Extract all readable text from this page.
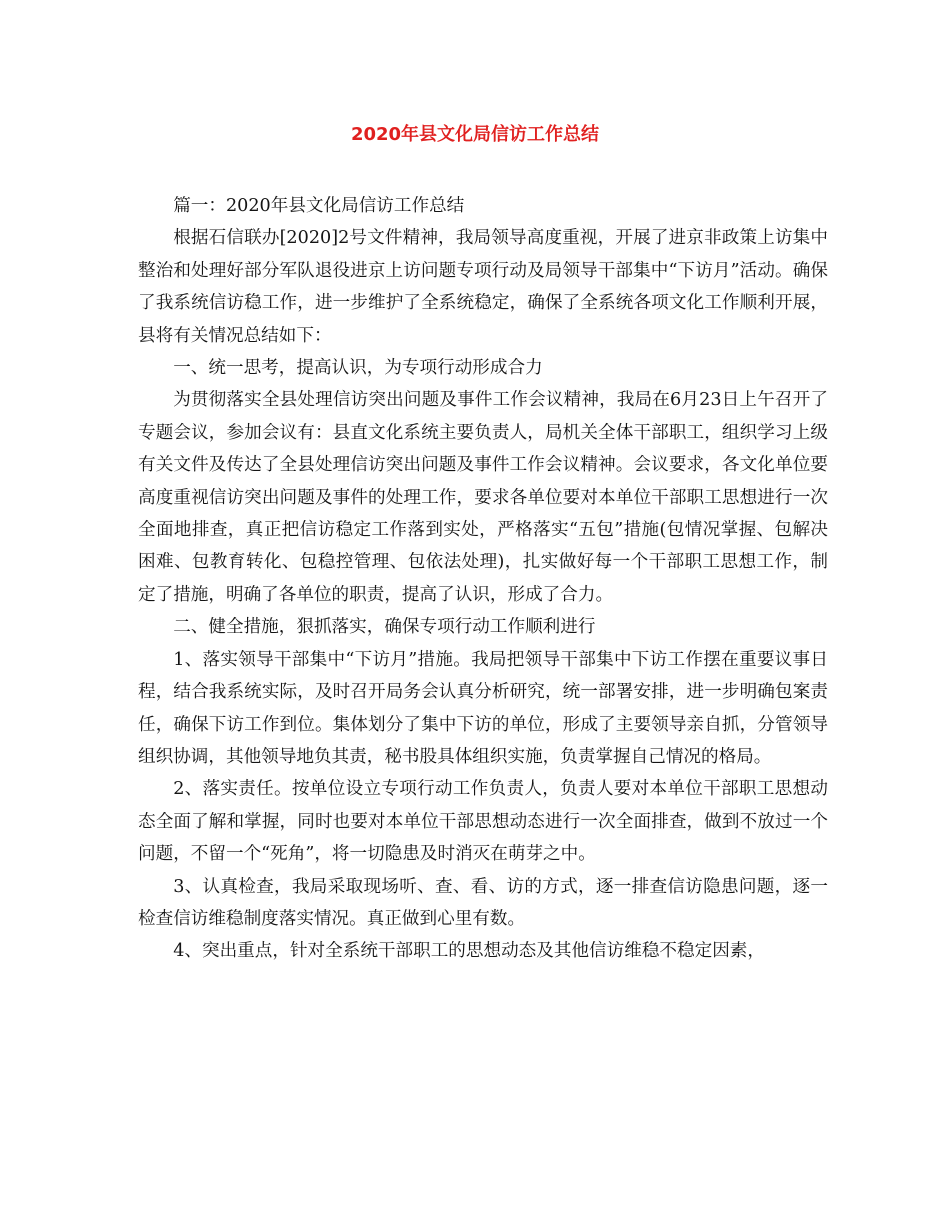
2020年县文化局信访工作总结

篇一：2020年县文化局信访工作总结

根据石信联办[2020]2号文件精神，我局领导高度重视，开展了进京非政策上访集中整治和处理好部分军队退役进京上访问题专项行动及局领导干部集中“下访月”活动。确保了我系统信访稳工作，进一步维护了全系统稳定，确保了全系统各项文化工作顺利开展，县将有关情况总结如下：

一、统一思考，提高认识，为专项行动形成合力

为贯彻落实全县处理信访突出问题及事件工作会议精神，我局在6月23日上午召开了专题会议，参加会议有：县直文化系统主要负责人，局机关全体干部职工，组织学习上级有关文件及传达了全县处理信访突出问题及事件工作会议精神。会议要求，各文化单位要高度重视信访突出问题及事件的处理工作，要求各单位要对本单位干部职工思想进行一次全面地排查，真正把信访稳定工作落到实处，严格落实“五包”措施(包情况掌握、包解决困难、包教育转化、包稳控管理、包依法处理)，扎实做好每一个干部职工思想工作，制定了措施，明确了各单位的职责，提高了认识，形成了合力。

二、健全措施，狠抓落实，确保专项行动工作顺利进行

1、落实领导干部集中“下访月”措施。我局把领导干部集中下访工作摆在重要议事日程，结合我系统实际，及时召开局务会认真分析研究，统一部署安排，进一步明确包案责任，确保下访工作到位。集体划分了集中下访的单位，形成了主要领导亲自抓，分管领导组织协调，其他领导地负其责，秘书股具体组织实施，负责掌握自己情况的格局。

2、落实责任。按单位设立专项行动工作负责人，负责人要对本单位干部职工思想动态全面了解和掌握，同时也要对本单位干部思想动态进行一次全面排查，做到不放过一个问题，不留一个“死角”，将一切隐患及时消灭在萌芽之中。

3、认真检查，我局采取现场听、查、看、访的方式，逐一排查信访隐患问题，逐一检查信访维稳制度落实情况。真正做到心里有数。

4、突出重点，针对全系统干部职工的思想动态及其他信访维稳不稳定因素，
